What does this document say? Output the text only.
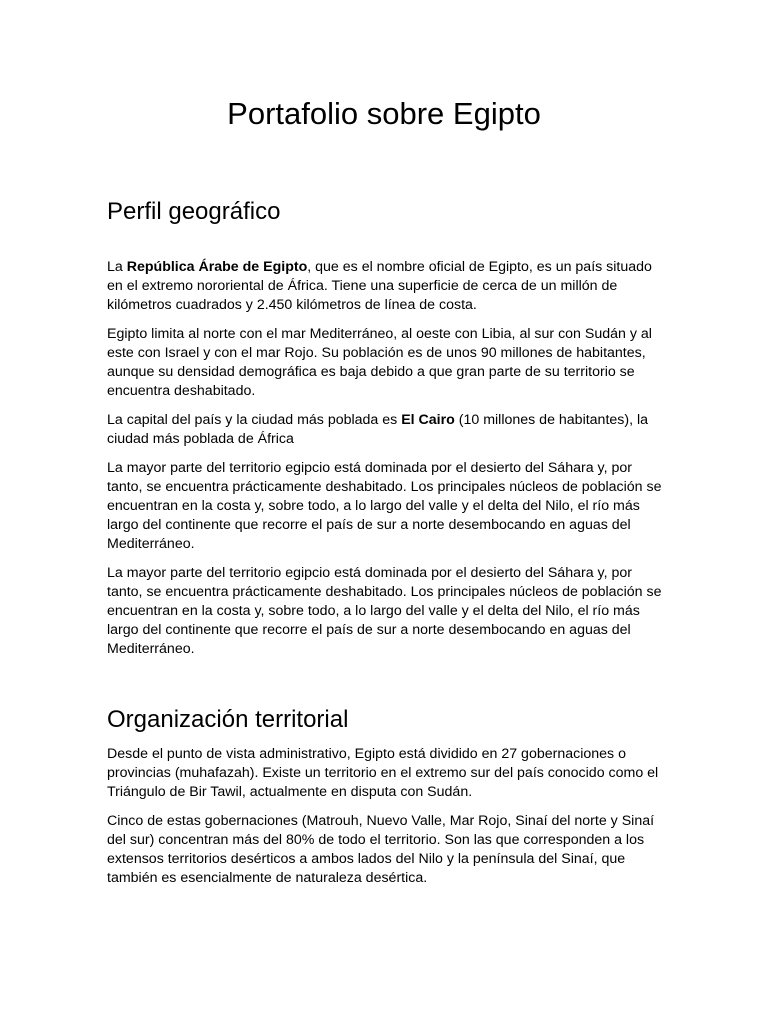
Portafolio sobre Egipto
Perfil geográfico

La República Árabe de Egipto, que es el nombre oficial de Egipto, es un país situado en el extremo nororiental de África. Tiene una superficie de cerca de un millón de kilómetros cuadrados y 2.450 kilómetros de línea de costa.

Egipto limita al norte con el mar Mediterráneo, al oeste con Libia, al sur con Sudán y al este con Israel y con el mar Rojo. Su población es de unos 90 millones de habitantes, aunque su densidad demográfica es baja debido a que gran parte de su territorio se encuentra deshabitado.

La capital del país y la ciudad más poblada es El Cairo (10 millones de habitantes), la ciudad más poblada de África

La mayor parte del territorio egipcio está dominada por el desierto del Sáhara y, por tanto, se encuentra prácticamente deshabitado. Los principales núcleos de población se encuentran en la costa y, sobre todo, a lo largo del valle y el delta del Nilo, el río más largo del continente que recorre el país de sur a norte desembocando en aguas del Mediterráneo.

La mayor parte del territorio egipcio está dominada por el desierto del Sáhara y, por tanto, se encuentra prácticamente deshabitado. Los principales núcleos de población se encuentran en la costa y, sobre todo, a lo largo del valle y el delta del Nilo, el río más largo del continente que recorre el país de sur a norte desembocando en aguas del Mediterráneo.

Organización territorial

Desde el punto de vista administrativo, Egipto está dividido en 27 gobernaciones o provincias (muhafazah). Existe un territorio en el extremo sur del país conocido como el Triángulo de Bir Tawil, actualmente en disputa con Sudán.

Cinco de estas gobernaciones (Matrouh, Nuevo Valle, Mar Rojo, Sinaí del norte y Sinaí del sur) concentran más del 80% de todo el territorio. Son las que corresponden a los extensos territorios desérticos a ambos lados del Nilo y la península del Sinaí, que también es esencialmente de naturaleza desértica.
